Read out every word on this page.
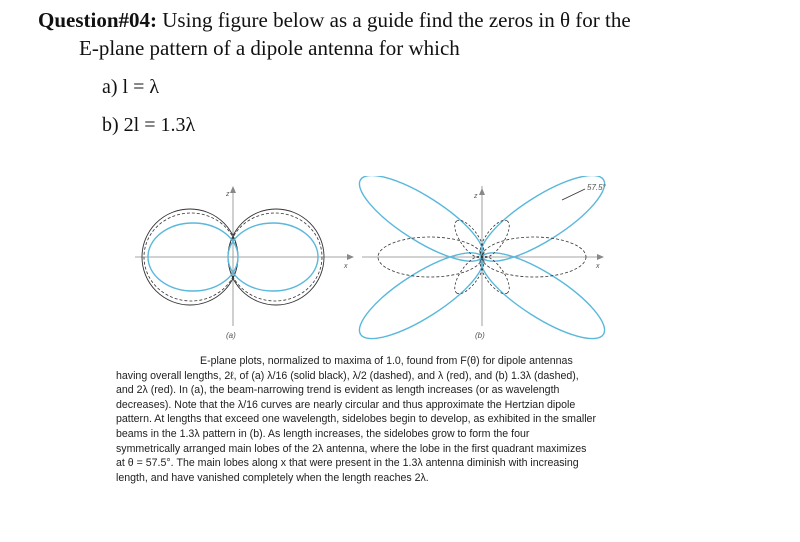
Question#04: Using figure below as a guide find the zeros in θ for the
E-plane pattern of a dipole antenna for which
a) l = λ
b) 2l = 1.3λ
z
x
(a)
z
x
57.5°
(b)

E-plane plots, normalized to maxima of 1.0, found from F(θ) for dipole antennas having overall lengths, 2ℓ, of (a) λ/16 (solid black), λ/2 (dashed), and λ (red), and (b) 1.3λ (dashed), and 2λ (red). In (a), the beam-narrowing trend is evident as length increases (or as wavelength decreases). Note that the λ/16 curves are nearly circular and thus approximate the Hertzian dipole pattern. At lengths that exceed one wavelength, sidelobes begin to develop, as exhibited in the smaller beams in the 1.3λ pattern in (b). As length increases, the sidelobes grow to form the four symmetrically arranged main lobes of the 2λ antenna, where the lobe in the first quadrant maximizes at θ = 57.5°. The main lobes along x that were present in the 1.3λ antenna diminish with increasing length, and have vanished completely when the length reaches 2λ.
